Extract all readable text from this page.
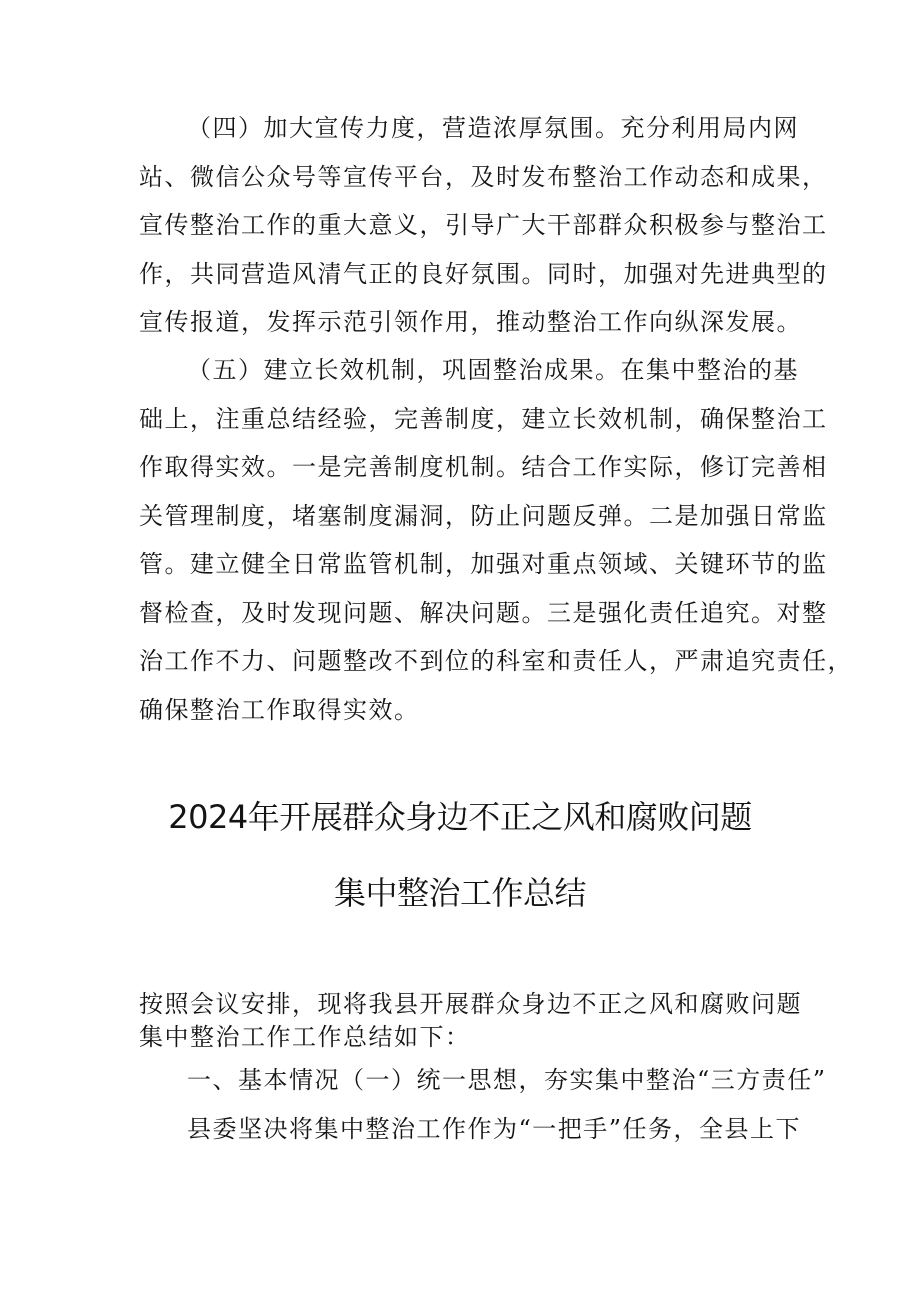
（四）加大宣传力度，营造浓厚氛围。充分利用局内网
站、微信公众号等宣传平台，及时发布整治工作动态和成果，
宣传整治工作的重大意义，引导广大干部群众积极参与整治工
作，共同营造风清气正的良好氛围。同时，加强对先进典型的
宣传报道，发挥示范引领作用，推动整治工作向纵深发展。
（五）建立长效机制，巩固整治成果。在集中整治的基
础上，注重总结经验，完善制度，建立长效机制，确保整治工
作取得实效。一是完善制度机制。结合工作实际，修订完善相
关管理制度，堵塞制度漏洞，防止问题反弹。二是加强日常监
管。建立健全日常监管机制，加强对重点领域、关键环节的监
督检查，及时发现问题、解决问题。三是强化责任追究。对整
治工作不力、问题整改不到位的科室和责任人，严肃追究责任，
确保整治工作取得实效。
2024年开展群众身边不正之风和腐败问题
集中整治工作总结
按照会议安排，现将我县开展群众身边不正之风和腐败问题
集中整治工作工作总结如下：
一、基本情况（一）统一思想，夯实集中整治“三方责任”
县委坚决将集中整治工作作为“一把手”任务，全县上下
